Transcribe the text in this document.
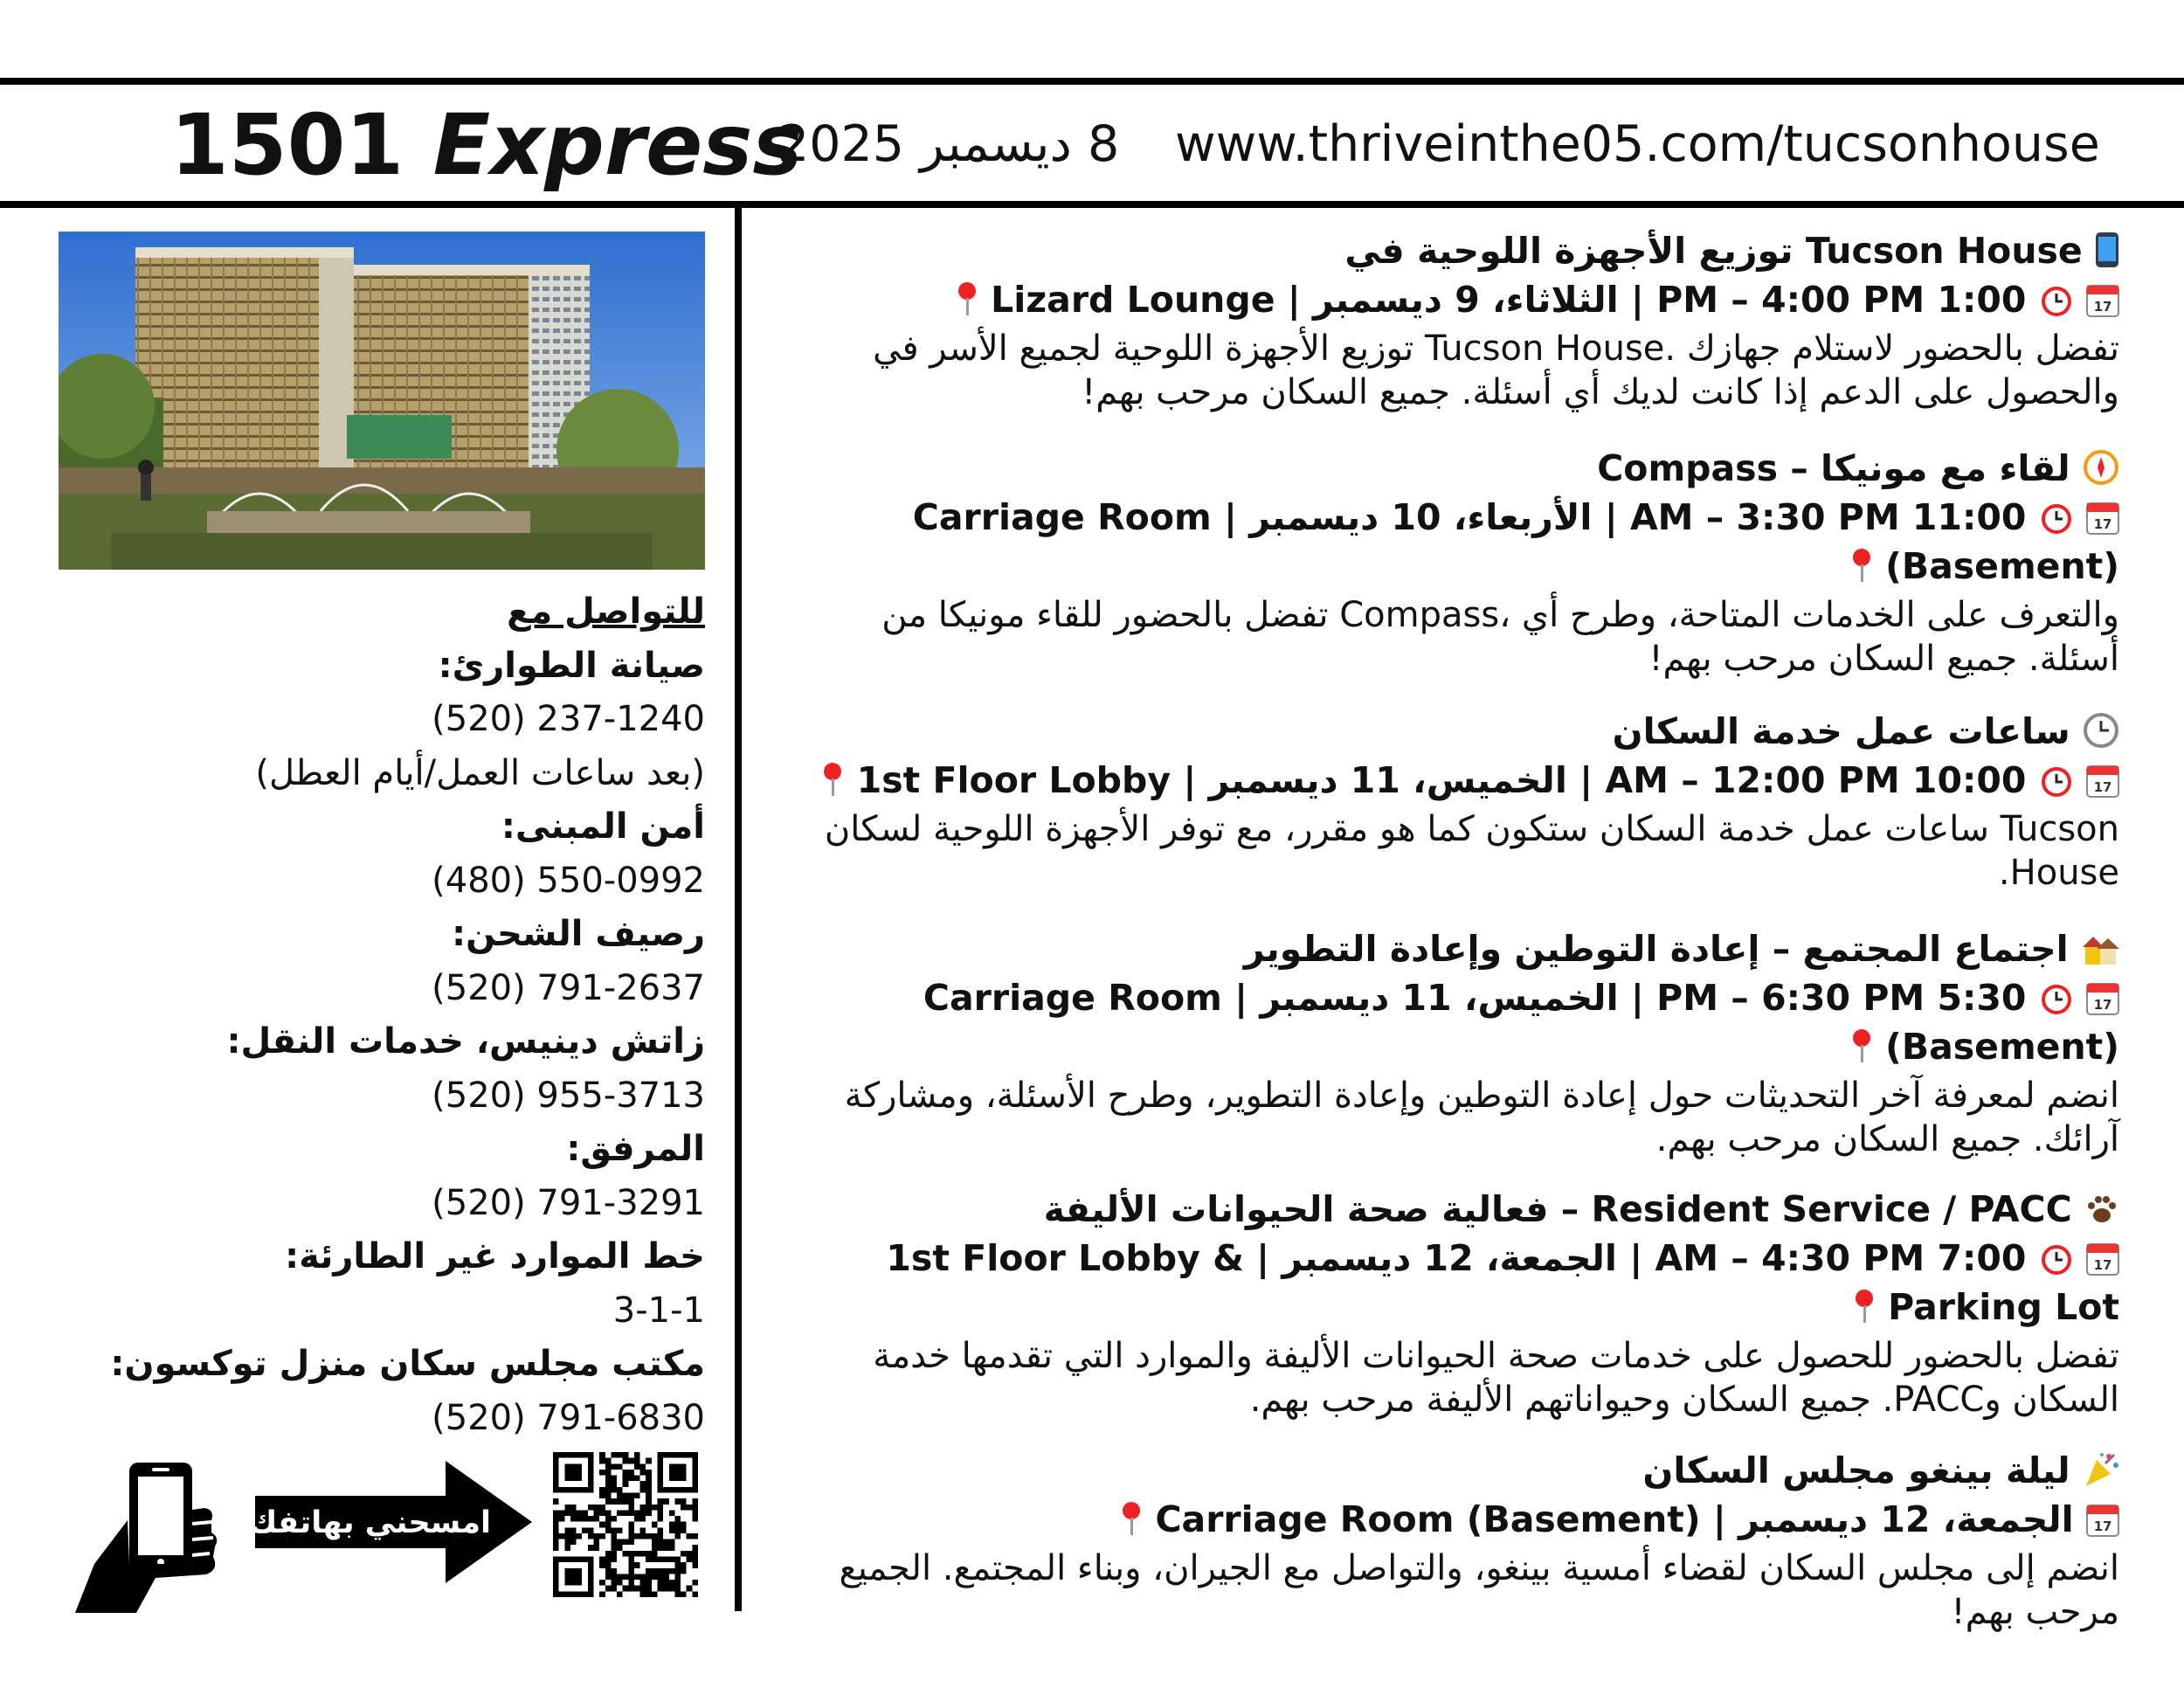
1501 Express
8 ديسمبر 2025 www.thriveinthe05.com/tucsonhouse
للتواصل مع
صيانة الطوارئ:
(520) 237-1240
(بعد ساعات العمل/أيام العطل)
أمن المبنى:
(480) 550-0992
رصيف الشحن:
(520) 791-2637
زاتش دينيس، خدمات النقل:
(520) 955-3713
المرفق:
(520) 791-3291
خط الموارد غير الطارئة:
3-1-1
مكتب مجلس سكان منزل توكسون:
(520) 791-6830
امسحني بهاتفك!
Tucson House توزيع الأجهزة اللوحية في
17
1:00 PM – 4:00 PM | الثلاثاء، 9 ديسمبر | Lizard Lounge
تفضل بالحضور لاستلام جهازك .Tucson House توزيع الأجهزة اللوحية لجميع الأسر في
والحصول على الدعم إذا كانت لديك أي أسئلة. جميع السكان مرحب بهم!
لقاء مع مونيكا – Compass
17
11:00 AM – 3:30 PM | الأربعاء، 10 ديسمبر | Carriage Room (Basement)
والتعرف على الخدمات المتاحة، وطرح أي ،Compass تفضل بالحضور للقاء مونيكا من
أسئلة. جميع السكان مرحب بهم!
ساعات عمل خدمة السكان
17
10:00 AM – 12:00 PM | الخميس، 11 ديسمبر | 1st Floor Lobby
Tucson ساعات عمل خدمة السكان ستكون كما هو مقرر، مع توفر الأجهزة اللوحية لسكان
House.
اجتماع المجتمع – إعادة التوطين وإعادة التطوير
17
5:30 PM – 6:30 PM | الخميس، 11 ديسمبر | Carriage Room (Basement)
انضم لمعرفة آخر التحديثات حول إعادة التوطين وإعادة التطوير، وطرح الأسئلة، ومشاركة
آرائك. جميع السكان مرحب بهم.
Resident Service / PACC – فعالية صحة الحيوانات الأليفة
17
7:00 AM – 4:30 PM | الجمعة، 12 ديسمبر | 1st Floor Lobby & Parking Lot
تفضل بالحضور للحصول على خدمات صحة الحيوانات الأليفة والموارد التي تقدمها خدمة
السكان وPACC. جميع السكان وحيواناتهم الأليفة مرحب بهم.
ليلة بينغو مجلس السكان
17
الجمعة، 12 ديسمبر | Carriage Room (Basement)
انضم إلى مجلس السكان لقضاء أمسية بينغو، والتواصل مع الجيران، وبناء المجتمع. الجميع
مرحب بهم!
